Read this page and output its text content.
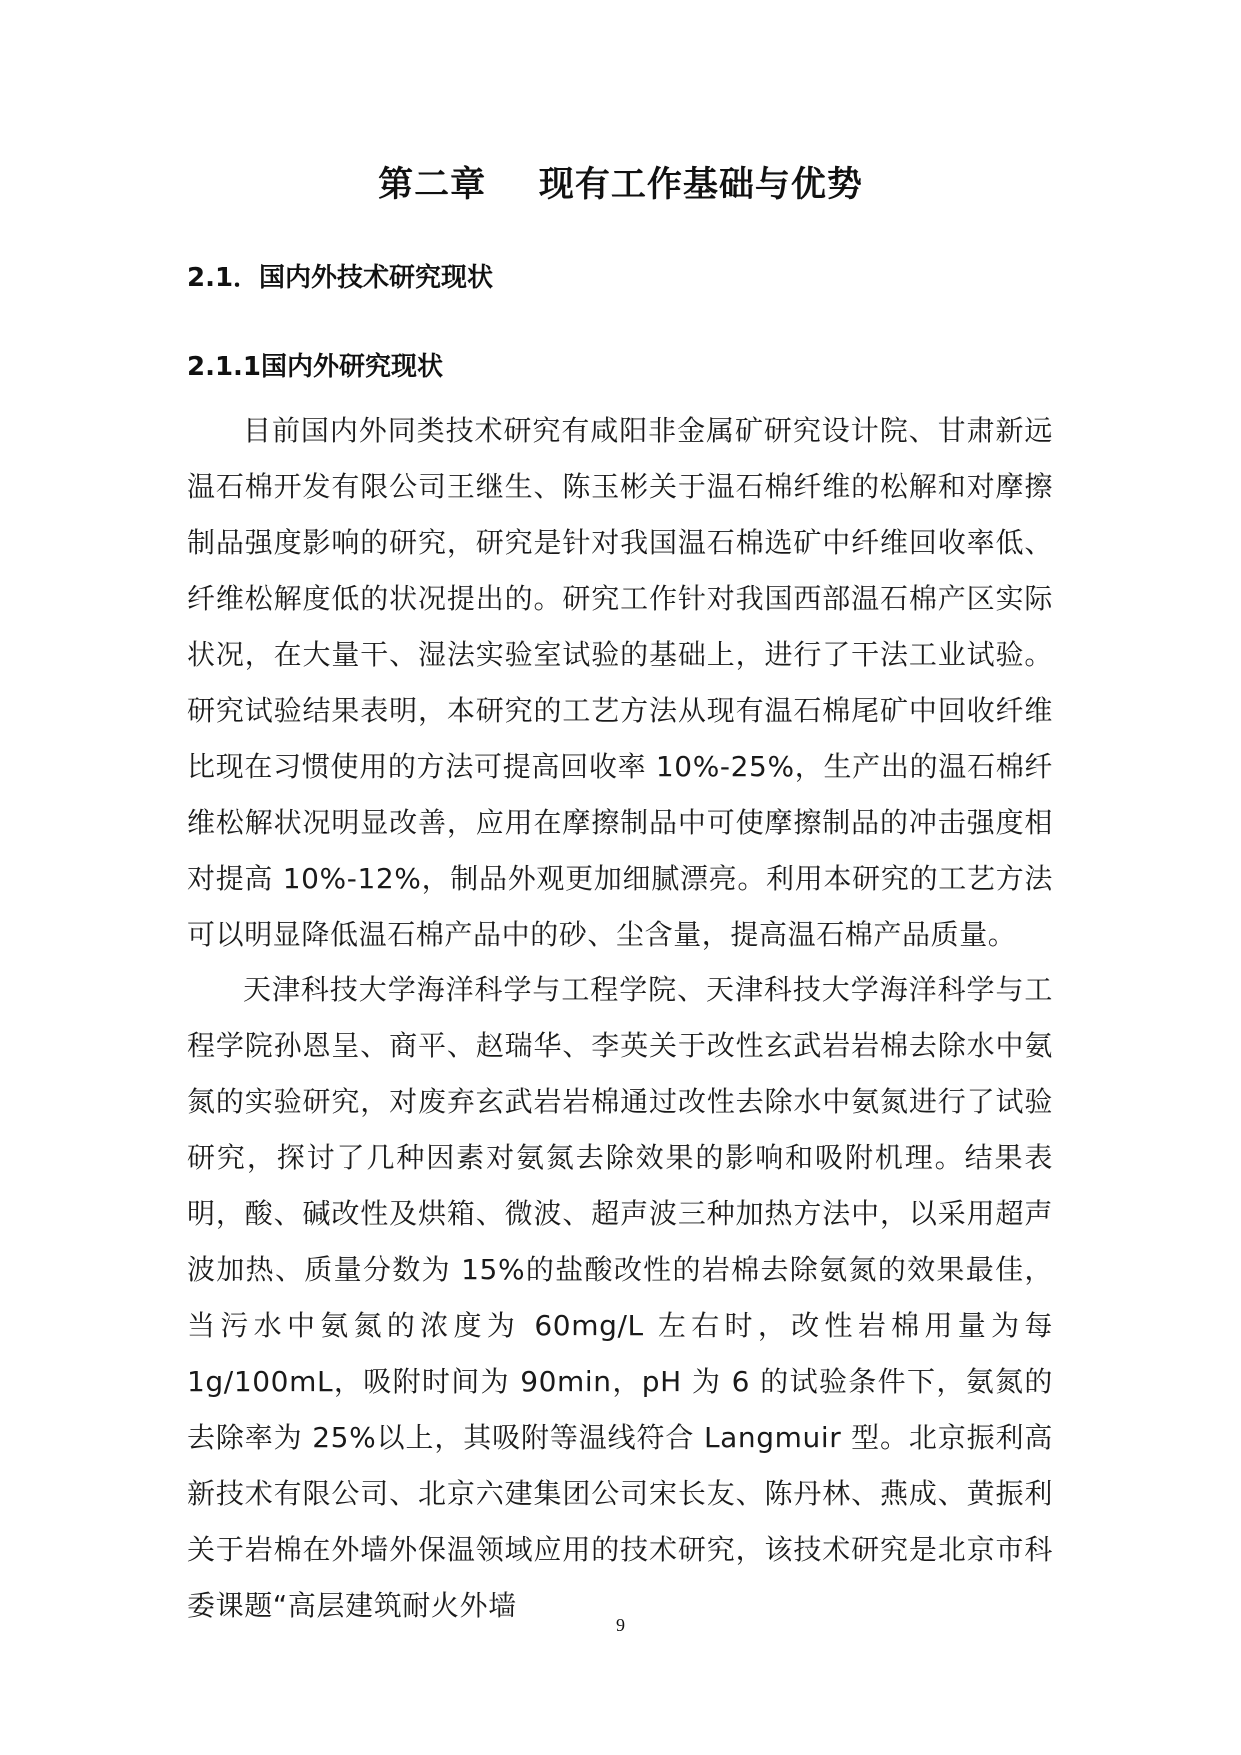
第二章    现有工作基础与优势
2.1．国内外技术研究现状
2.1.1国内外研究现状

目前国内外同类技术研究有咸阳非金属矿研究设计院、甘肃新远温石棉开发有限公司王继生、陈玉彬关于温石棉纤维的松解和对摩擦制品强度影响的研究，研究是针对我国温石棉选矿中纤维回收率低、纤维松解度低的状况提出的。研究工作针对我国西部温石棉产区实际状况，在大量干、湿法实验室试验的基础上，进行了干法工业试验。研究试验结果表明，本研究的工艺方法从现有温石棉尾矿中回收纤维比现在习惯使用的方法可提高回收率 10%-25%，生产出的温石棉纤维松解状况明显改善，应用在摩擦制品中可使摩擦制品的冲击强度相对提高 10%-12%，制品外观更加细腻漂亮。利用本研究的工艺方法可以明显降低温石棉产品中的砂、尘含量，提高温石棉产品质量。

天津科技大学海洋科学与工程学院、天津科技大学海洋科学与工程学院孙恩呈、商平、赵瑞华、李英关于改性玄武岩岩棉去除水中氨氮的实验研究，对废弃玄武岩岩棉通过改性去除水中氨氮进行了试验研究，探讨了几种因素对氨氮去除效果的影响和吸附机理。结果表明，酸、碱改性及烘箱、微波、超声波三种加热方法中，以采用超声波加热、质量分数为 15%的盐酸改性的岩棉去除氨氮的效果最佳，当污水中氨氮的浓度为 60mg/L 左右时，改性岩棉用量为每 1g/100mL，吸附时间为 90min，pH 为 6 的试验条件下，氨氮的去除率为 25%以上，其吸附等温线符合 Langmuir 型。北京振利高新技术有限公司、北京六建集团公司宋长友、陈丹林、燕成、黄振利关于岩棉在外墙外保温领域应用的技术研究，该技术研究是北京市科委课题“高层建筑耐火外墙

9
